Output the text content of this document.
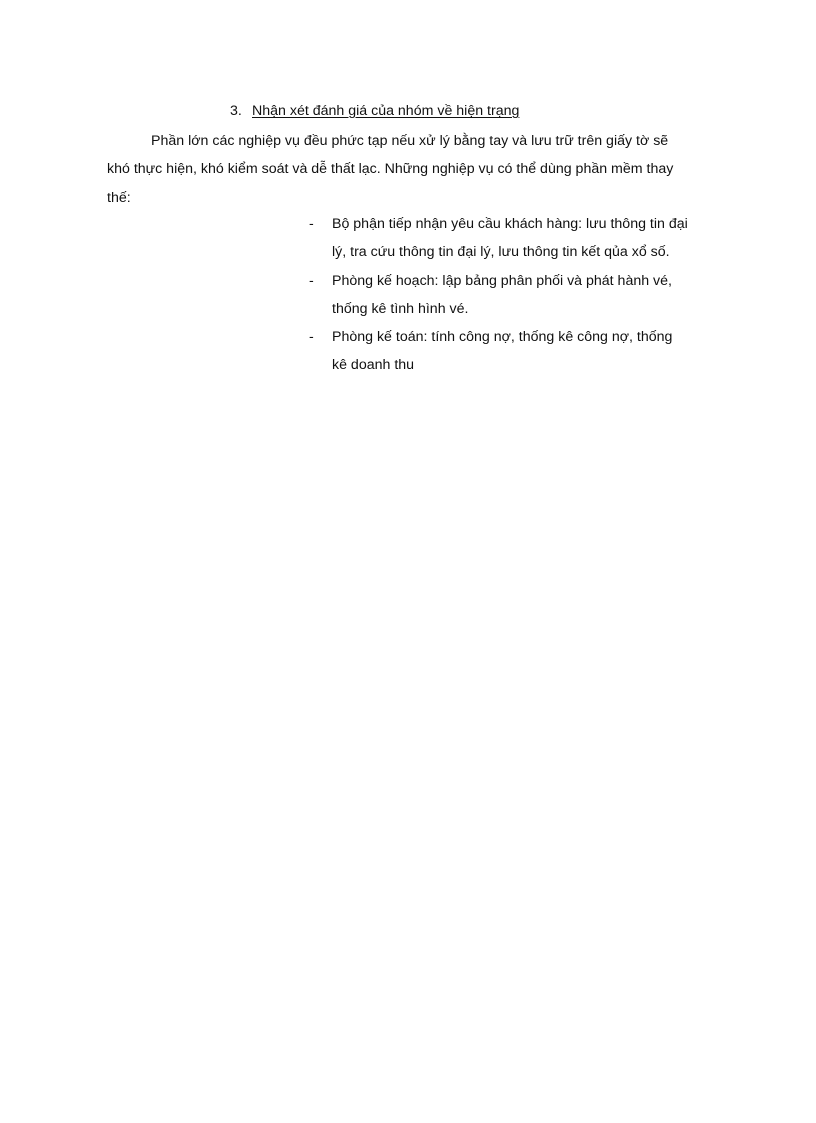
3. Nhận xét đánh giá của nhóm về hiện trạng

Phần lớn các nghiệp vụ đều phức tạp nếu xử lý bằng tay và lưu trữ trên giấy tờ sẽ
khó thực hiện, khó kiểm soát và dễ thất lạc. Những nghiệp vụ có thể dùng phần mềm thay
thế:

- Bộ phận tiếp nhận yêu cầu khách hàng: lưu thông tin đại
lý, tra cứu thông tin đại lý, lưu thông tin kết qủa xổ số.
- Phòng kế hoạch: lập bảng phân phối và phát hành vé,
thống kê tình hình vé.
- Phòng kế toán: tính công nợ, thống kê công nợ, thống
kê doanh thu
